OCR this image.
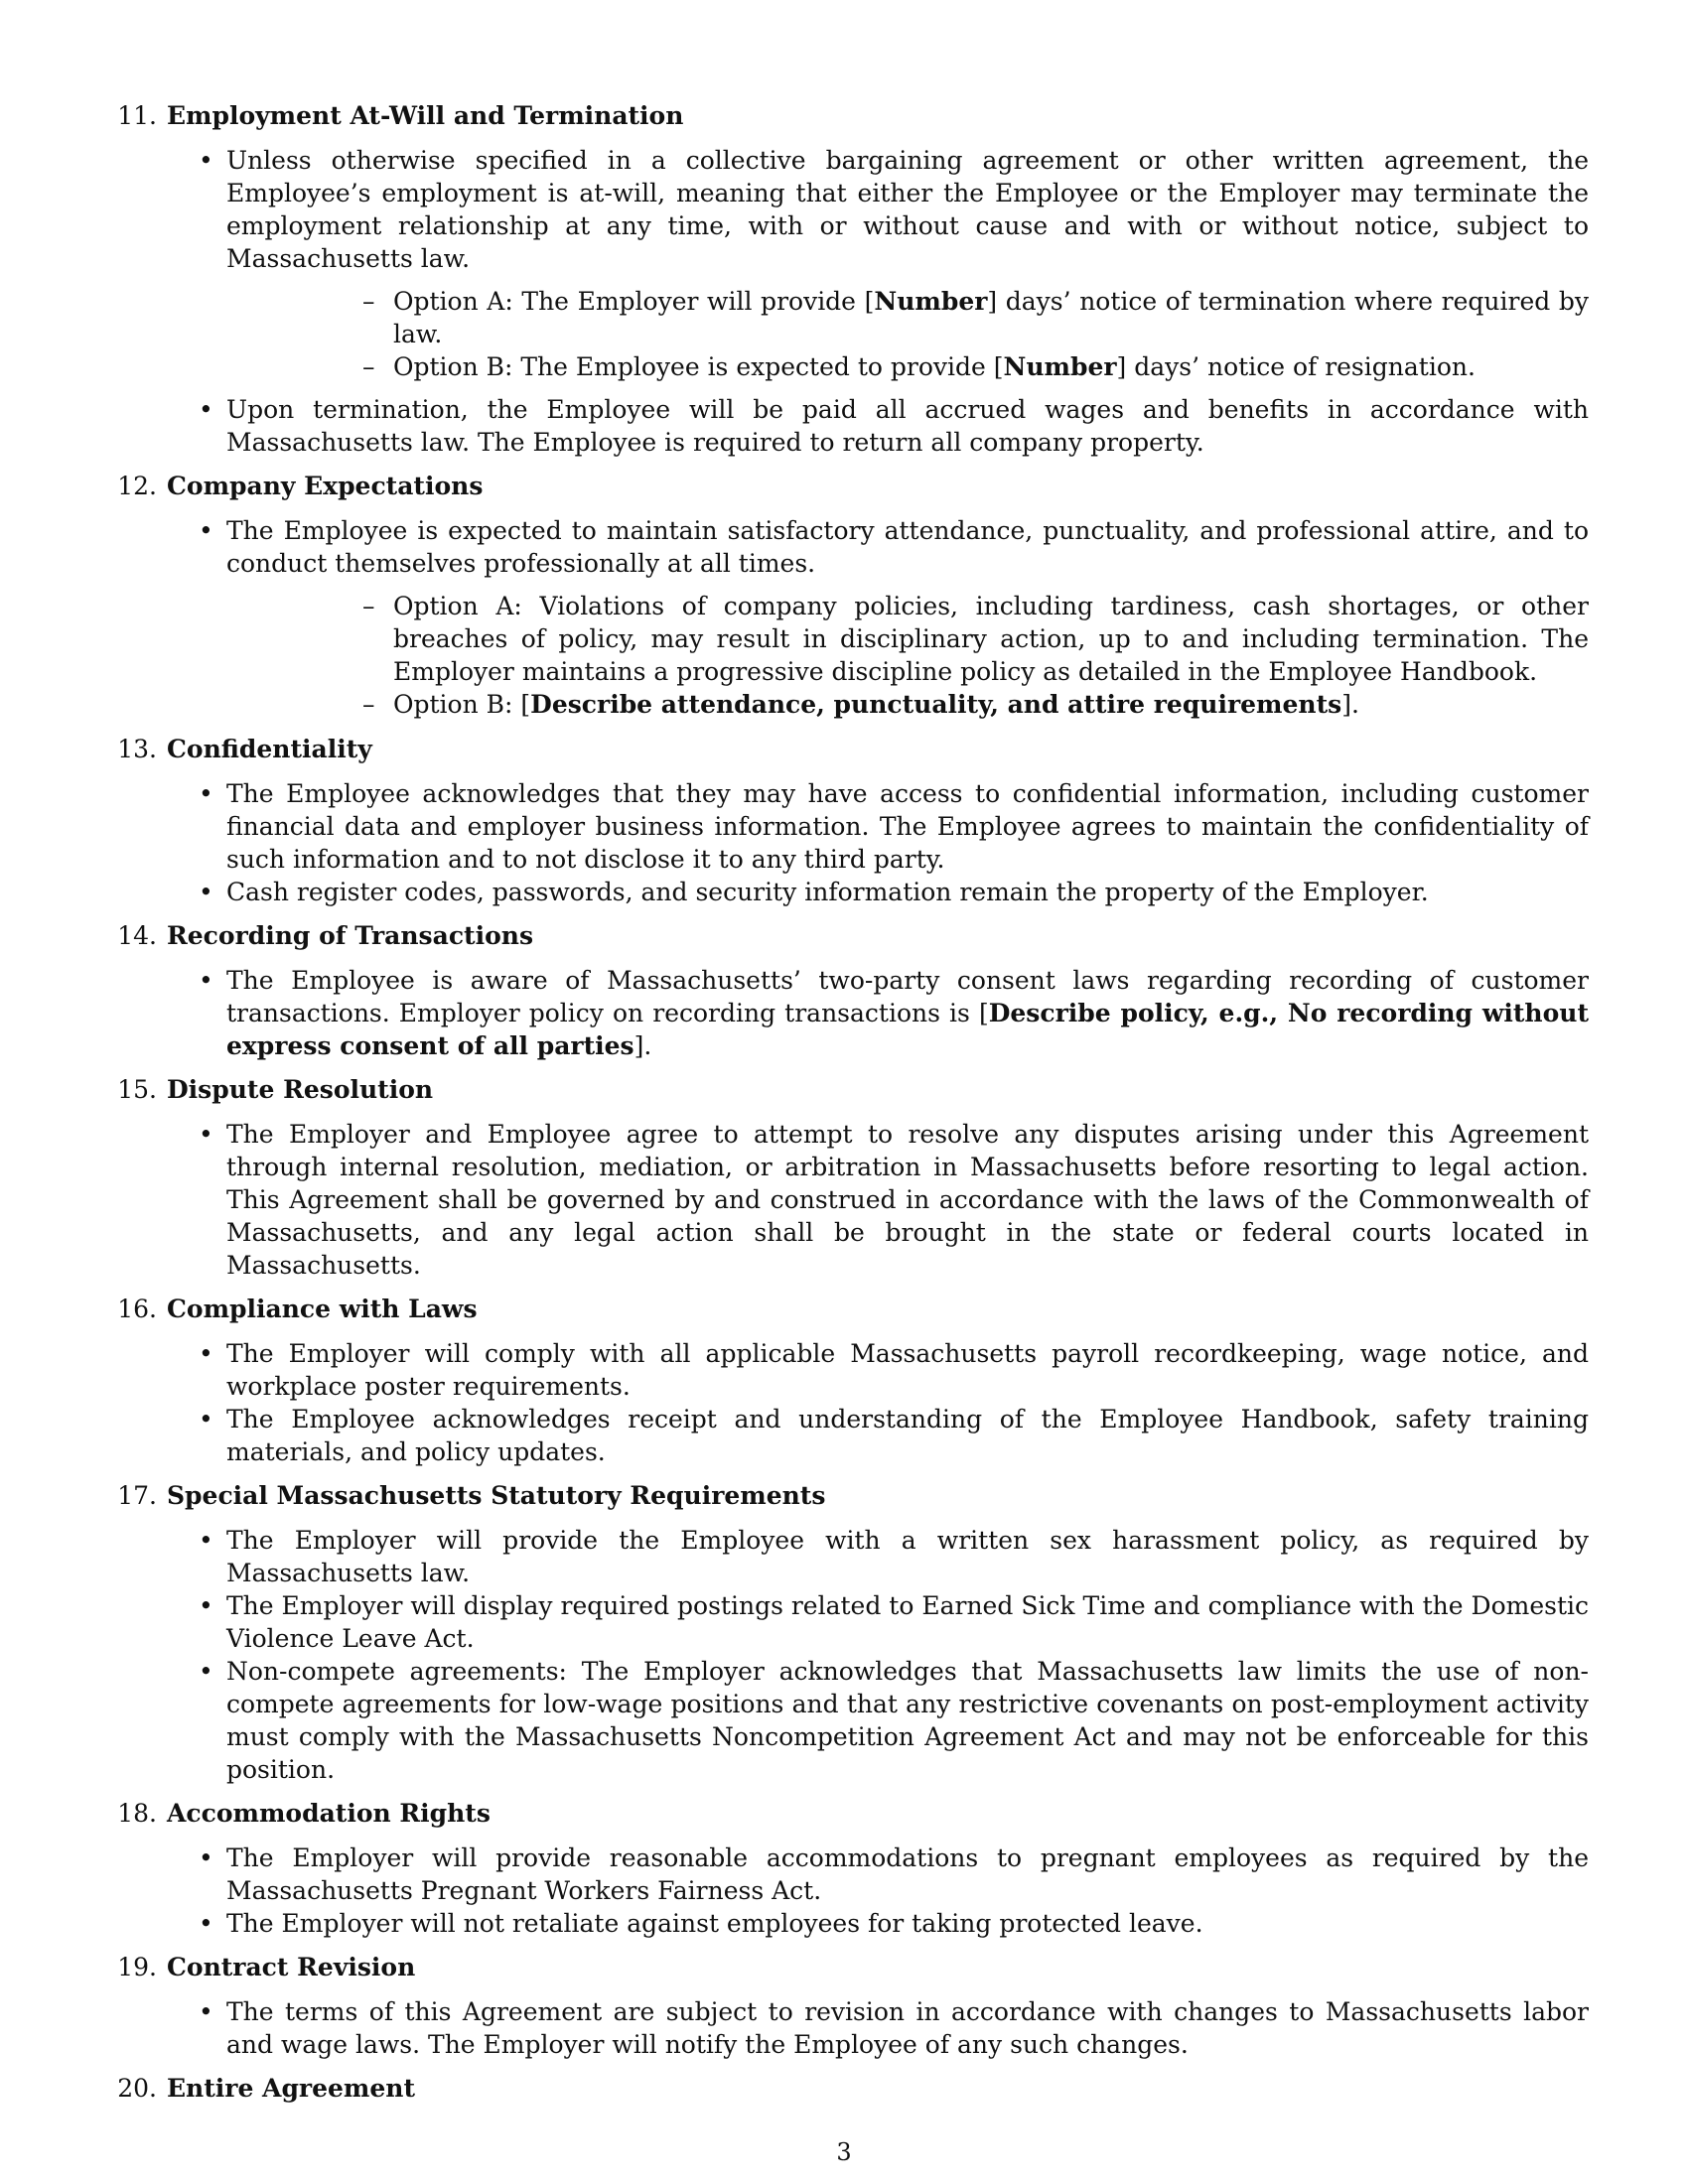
11. Employment At-Will and Termination
• Unless otherwise specified in a collective bargaining agreement or other written agreement, the Employee’s employment is at-will, meaning that either the Employee or the Employer may terminate the employment relationship at any time, with or without cause and with or without notice, subject to Massachusetts law.
– Option A: The Employer will provide [Number] days’ notice of termination where required by law.
– Option B: The Employee is expected to provide [Number] days’ notice of resignation.
• Upon termination, the Employee will be paid all accrued wages and benefits in accordance with Massachusetts law. The Employee is required to return all company property.
12. Company Expectations
• The Employee is expected to maintain satisfactory attendance, punctuality, and professional attire, and to conduct themselves professionally at all times.
– Option A: Violations of company policies, including tardiness, cash shortages, or other breaches of policy, may result in disciplinary action, up to and including termination. The Employer maintains a progressive discipline policy as detailed in the Employee Handbook.
– Option B: [Describe attendance, punctuality, and attire requirements].
13. Confidentiality
• The Employee acknowledges that they may have access to confidential information, including customer financial data and employer business information. The Employee agrees to maintain the confidentiality of such information and to not disclose it to any third party.
• Cash register codes, passwords, and security information remain the property of the Employer.
14. Recording of Transactions
• The Employee is aware of Massachusetts’ two-party consent laws regarding recording of customer transactions. Employer policy on recording transactions is [Describe policy, e.g., No recording without express consent of all parties].
15. Dispute Resolution
• The Employer and Employee agree to attempt to resolve any disputes arising under this Agreement through internal resolution, mediation, or arbitration in Massachusetts before resorting to legal action. This Agreement shall be governed by and construed in accordance with the laws of the Commonwealth of Massachusetts, and any legal action shall be brought in the state or federal courts located in Massachusetts.
16. Compliance with Laws
• The Employer will comply with all applicable Massachusetts payroll recordkeeping, wage notice, and workplace poster requirements.
• The Employee acknowledges receipt and understanding of the Employee Handbook, safety training materials, and policy updates.
17. Special Massachusetts Statutory Requirements
• The Employer will provide the Employee with a written sex harassment policy, as required by Massachusetts law.
• The Employer will display required postings related to Earned Sick Time and compliance with the Domestic Violence Leave Act.
• Non-compete agreements: The Employer acknowledges that Massachusetts law limits the use of non-compete agreements for low-wage positions and that any restrictive covenants on post-employment activity must comply with the Massachusetts Noncompetition Agreement Act and may not be enforceable for this position.
18. Accommodation Rights
• The Employer will provide reasonable accommodations to pregnant employees as required by the Massachusetts Pregnant Workers Fairness Act.
• The Employer will not retaliate against employees for taking protected leave.
19. Contract Revision
• The terms of this Agreement are subject to revision in accordance with changes to Massachusetts labor and wage laws. The Employer will notify the Employee of any such changes.
20. Entire Agreement
3
